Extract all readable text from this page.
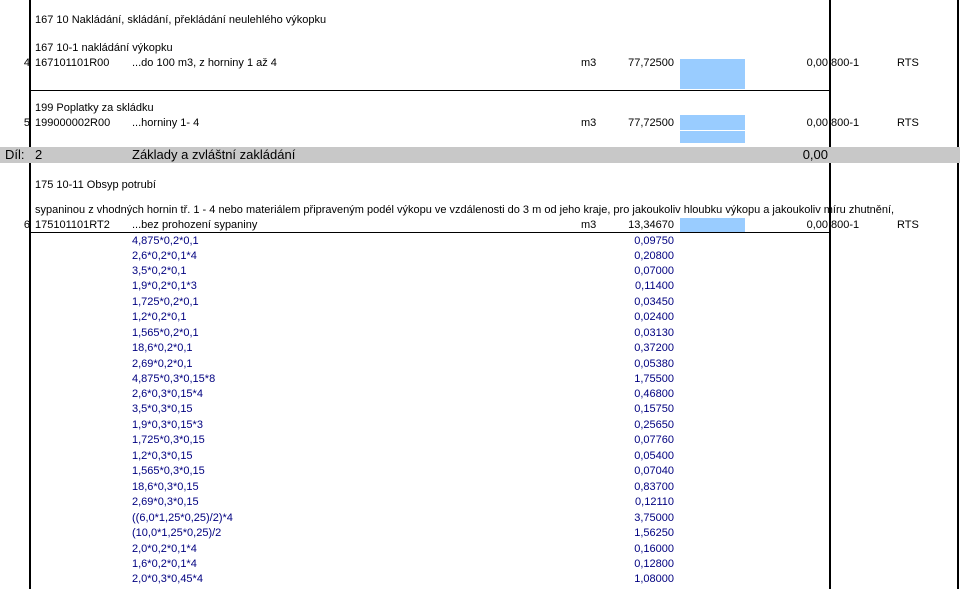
167 10 Nakládání, skládání, překládání neulehlého výkopku
167 10-1 nakládání výkopku
4 167101101R00 ...do 100 m3, z horniny 1 až 4	m3	77,72500	0,00 800-1	RTS
199 Poplatky za skládku
5 199000002R00 ...horniny 1- 4	m3	77,72500	0,00 800-1	RTS
Díl: 2	Základy a zvláštní zakládání	0,00
175 10-11 Obsyp potrubí
sypaninou z vhodných hornin tř. 1 - 4 nebo materiálem připraveným podél výkopu ve vzdálenosti do 3 m od jeho kraje, pro jakoukoliv hloubku výkopu a jakoukoliv míru zhutnění,
6 175101101RT2 ...bez prohození sypaniny	m3	13,34670	0,00 800-1	RTS
4,875*0,2*0,1	0,09750
2,6*0,2*0,1*4	0,20800
3,5*0,2*0,1	0,07000
1,9*0,2*0,1*3	0,11400
1,725*0,2*0,1	0,03450
1,2*0,2*0,1	0,02400
1,565*0,2*0,1	0,03130
18,6*0,2*0,1	0,37200
2,69*0,2*0,1	0,05380
4,875*0,3*0,15*8	1,75500
2,6*0,3*0,15*4	0,46800
3,5*0,3*0,15	0,15750
1,9*0,3*0,15*3	0,25650
1,725*0,3*0,15	0,07760
1,2*0,3*0,15	0,05400
1,565*0,3*0,15	0,07040
18,6*0,3*0,15	0,83700
2,69*0,3*0,15	0,12110
((6,0*1,25*0,25)/2)*4	3,75000
(10,0*1,25*0,25)/2	1,56250
2,0*0,2*0,1*4	0,16000
1,6*0,2*0,1*4	0,12800
2,0*0,3*0,45*4	1,08000
